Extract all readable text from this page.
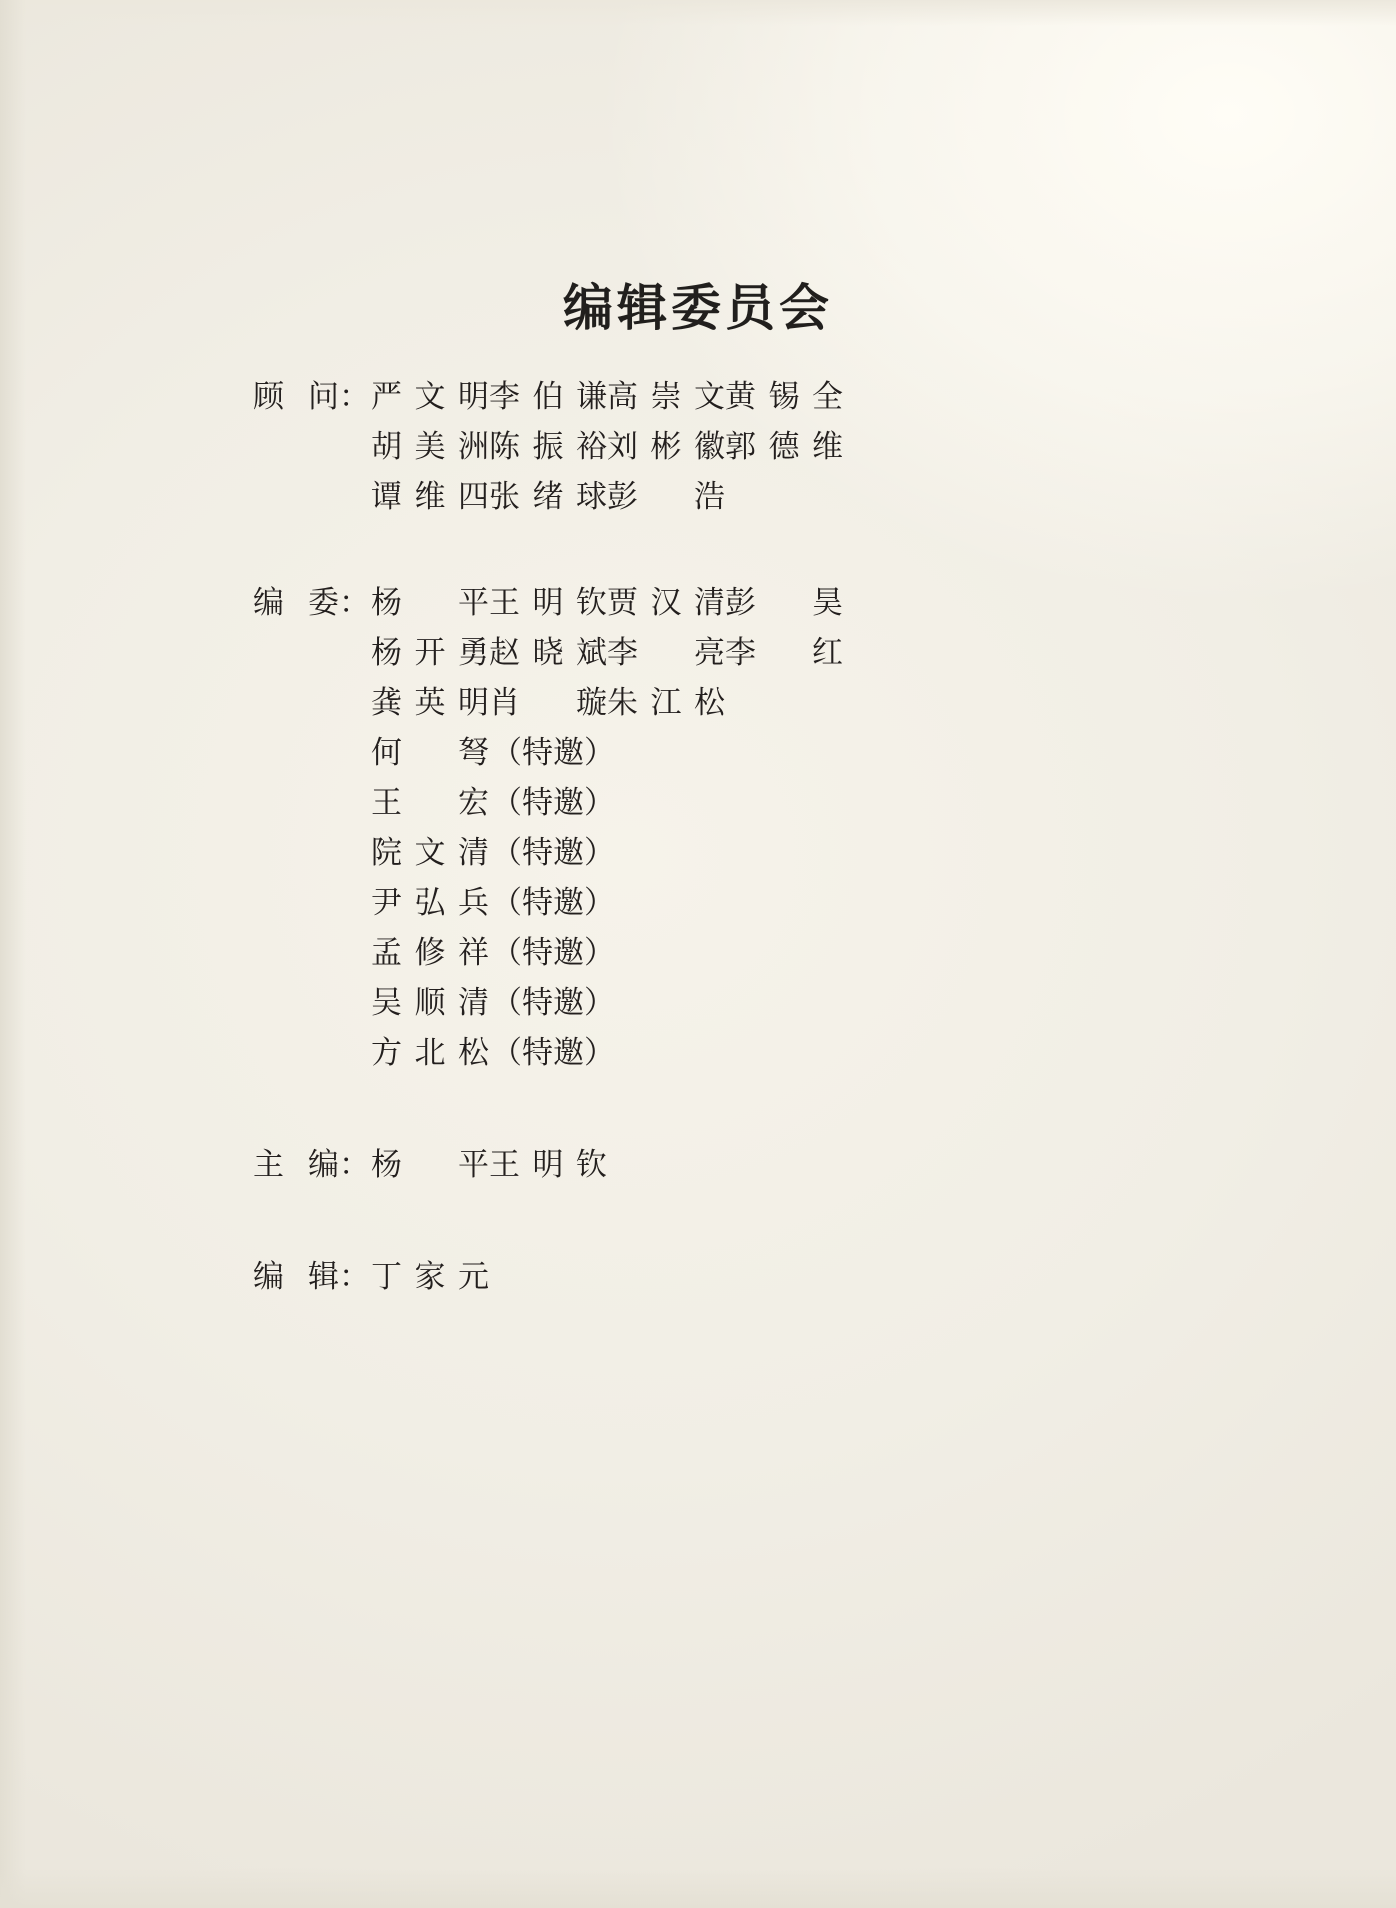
编辑委员会
顾问： 严文明 李伯谦 高崇文 黄锡全
胡美洲 陈振裕 刘彬徽 郭德维
谭维四 张绪球 彭　浩
编委： 杨　平 王明钦 贾汉清 彭　昊
杨开勇 赵晓斌 李　亮 李　红
龚英明 肖　璇 朱江松
何　弩 （特邀）
王　宏 （特邀）
院文清 （特邀）
尹弘兵 （特邀）
孟修祥 （特邀）
吴顺清 （特邀）
方北松 （特邀）
主编： 杨　平 王明钦
编辑： 丁家元
